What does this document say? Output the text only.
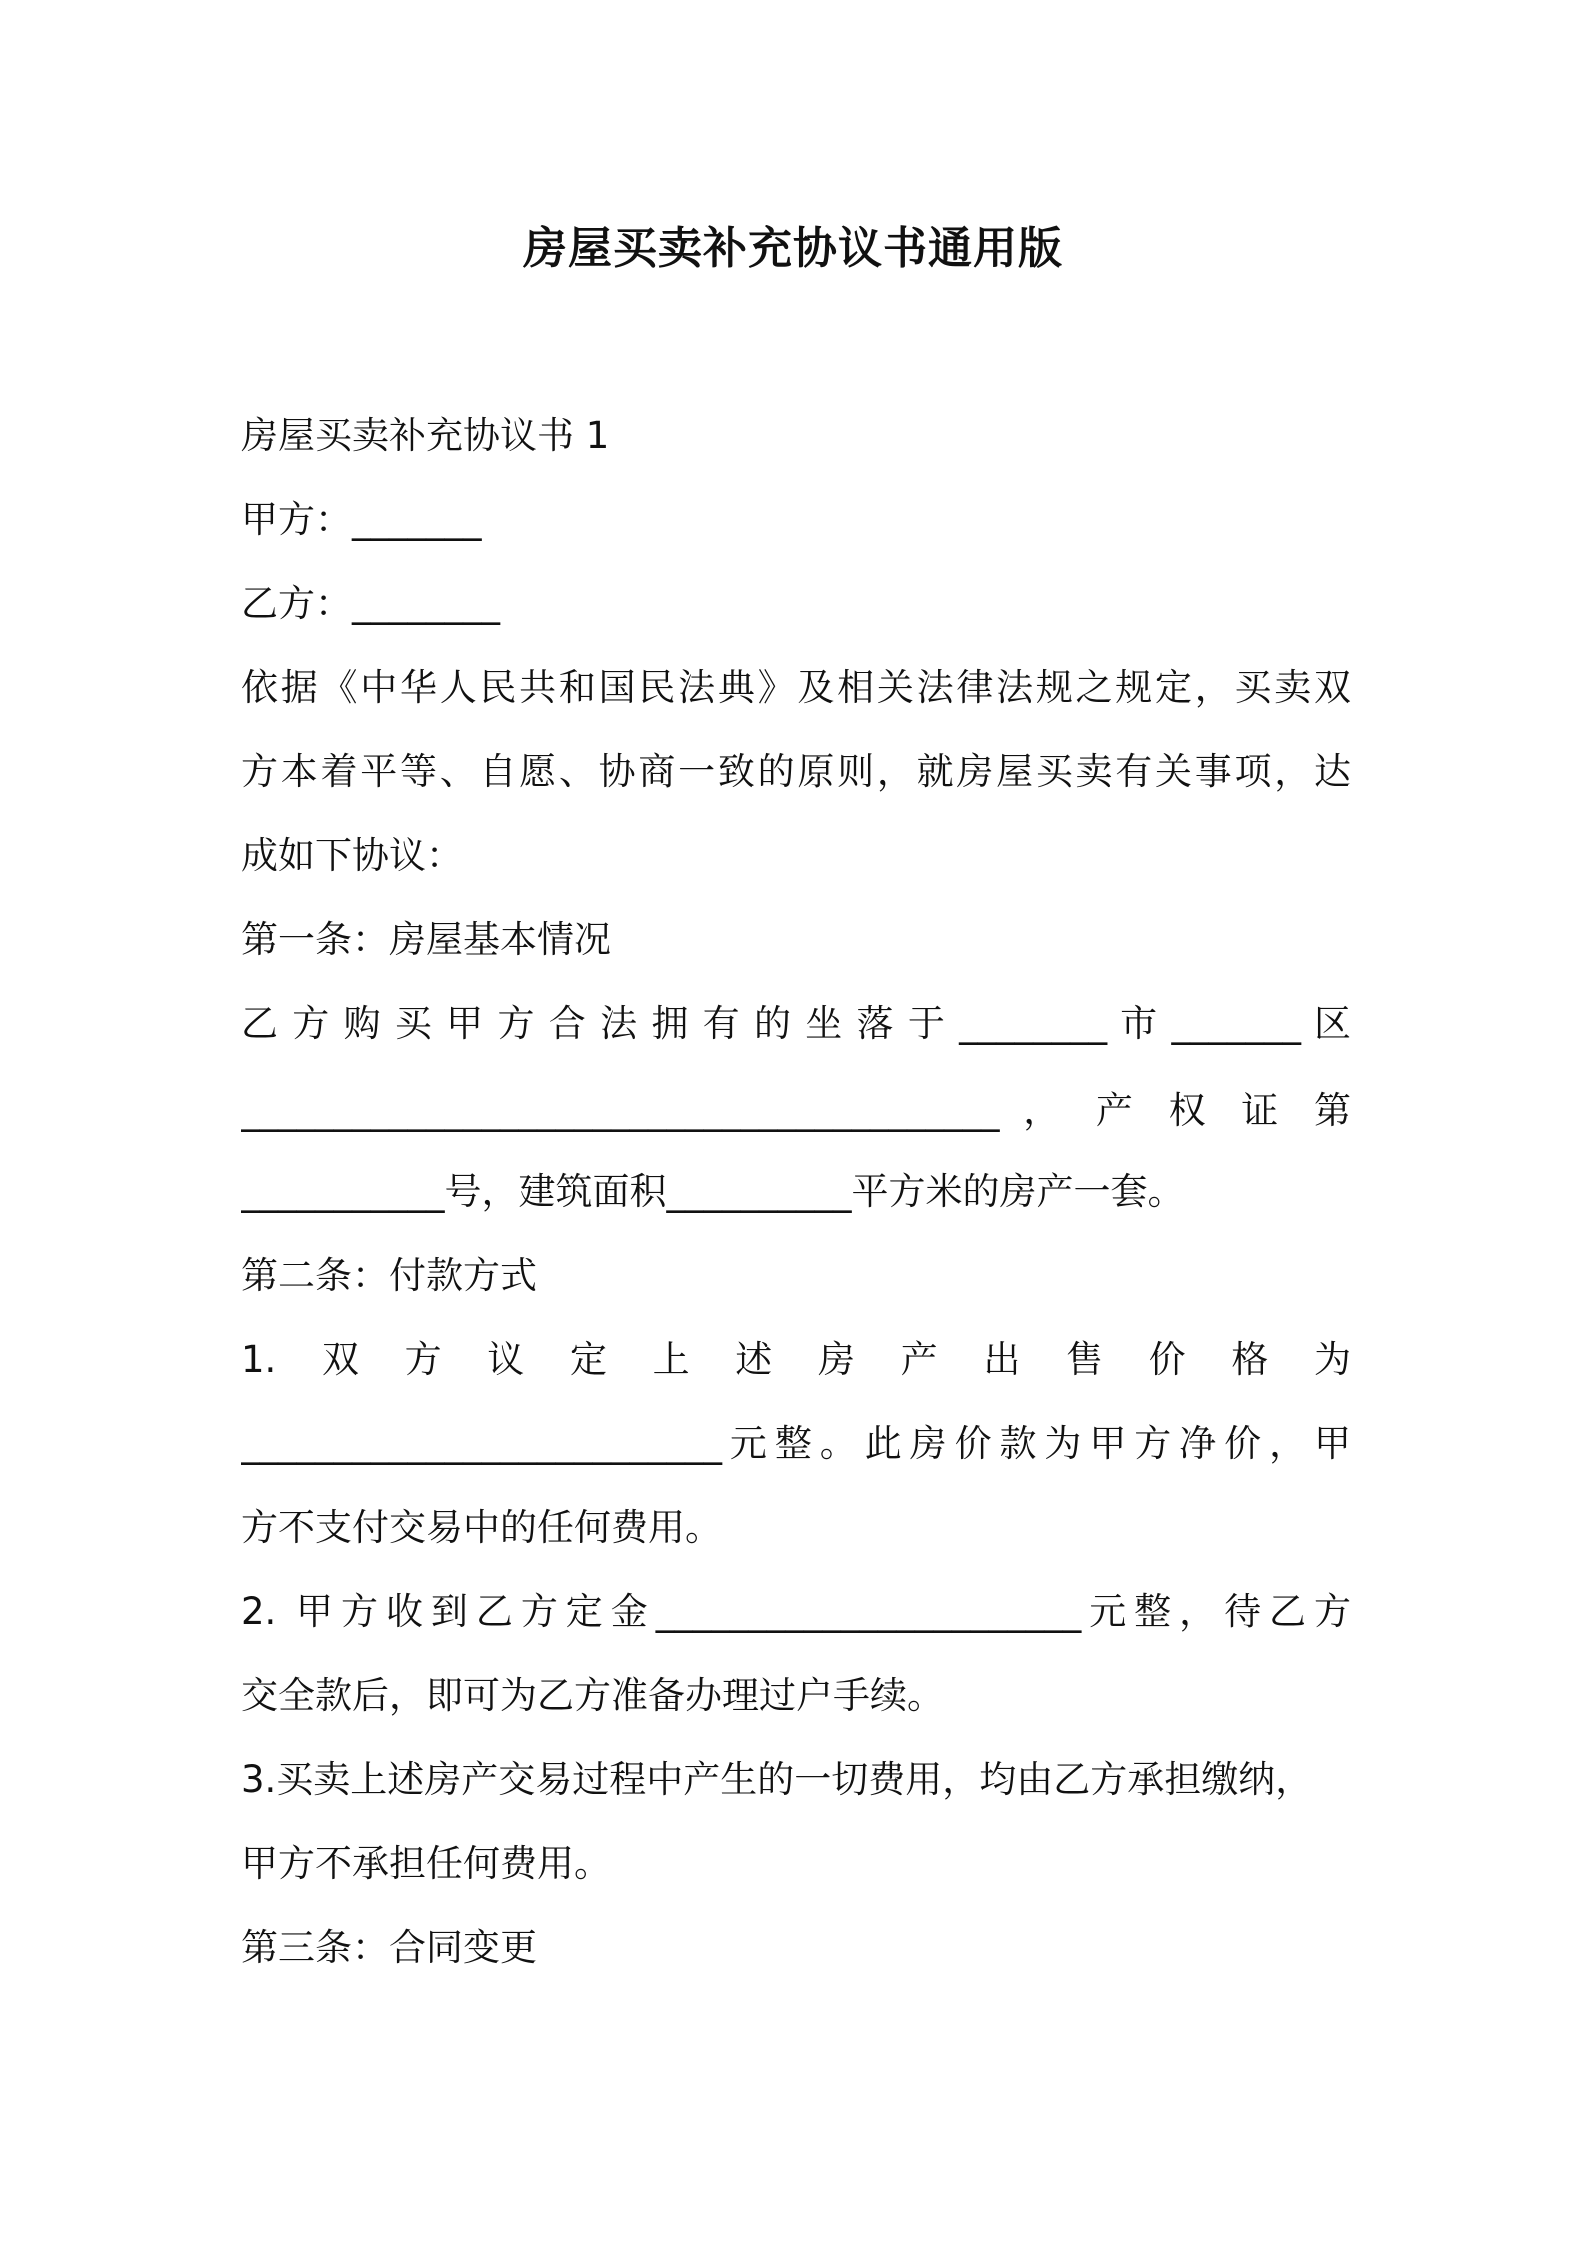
房屋买卖补充协议书通用版
房屋买卖补充协议书 1
甲方：_______
乙方：________
依据《中华人民共和国民法典》及相关法律法规之规定，买卖双
方本着平等、自愿、协商一致的原则，就房屋买卖有关事项，达
成如下协议：
第一条：房屋基本情况
乙 方 购 买 甲 方 合 法 拥 有 的 坐 落 于 ________ 市 _______ 区
_________________________________________ ， 产 权 证 第
___________号，建筑面积__________平方米的房产一套。
第二条：付款方式
1.　双　方　议　定　上　述　房　产　出　售　价　格　为
__________________________元整。此房价款为甲方净价，甲
方不支付交易中的任何费用。
2. 甲方收到乙方定金_______________________元整，待乙方
交全款后，即可为乙方准备办理过户手续。
3.买卖上述房产交易过程中产生的一切费用，均由乙方承担缴纳，
甲方不承担任何费用。
第三条：合同变更
